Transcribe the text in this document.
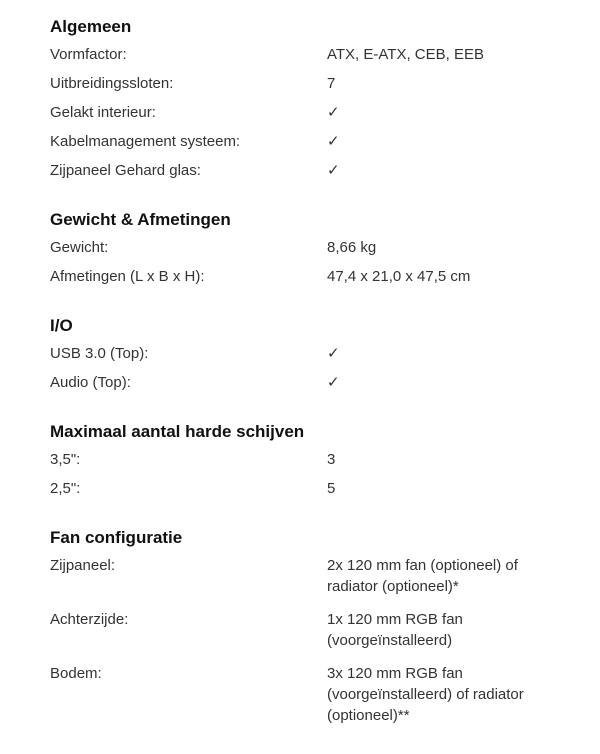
Algemeen
Vormfactor:	ATX, E-ATX, CEB, EEB
Uitbreidingssloten:	7
Gelakt interieur:	✓
Kabelmanagement systeem:	✓
Zijpaneel Gehard glas:	✓
Gewicht & Afmetingen
Gewicht:	8,66 kg
Afmetingen (L x B x H):	47,4 x 21,0 x 47,5 cm
I/O
USB 3.0 (Top):	✓
Audio (Top):	✓
Maximaal aantal harde schijven
3,5":	3
2,5":	5
Fan configuratie
Zijpaneel:	2x 120 mm fan (optioneel) of radiator (optioneel)*
Achterzijde:	1x 120 mm RGB fan (voorgeïnstalleerd)
Bodem:	3x 120 mm RGB fan (voorgeïnstalleerd) of radiator (optioneel)**
